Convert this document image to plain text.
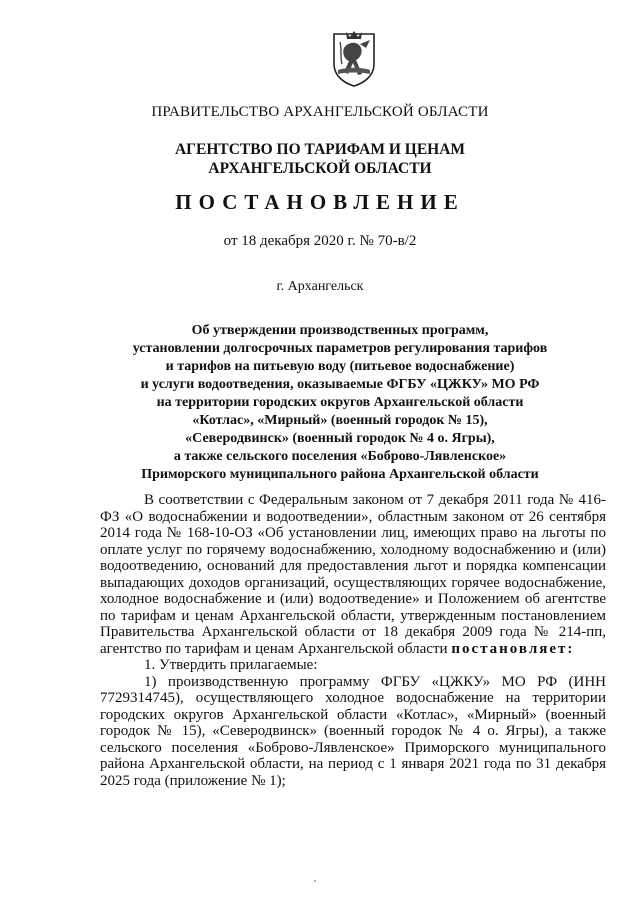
ПРАВИТЕЛЬСТВО АРХАНГЕЛЬСКОЙ ОБЛАСТИ
АГЕНТСТВО ПО ТАРИФАМ И ЦЕНАМ
АРХАНГЕЛЬСКОЙ ОБЛАСТИ
ПОСТАНОВЛЕНИЕ
от 18 декабря 2020 г. № 70-в/2
г. Архангельск
Об утверждении производственных программ,
установлении долгосрочных параметров регулирования тарифов
и тарифов на питьевую воду (питьевое водоснабжение)
и услуги водоотведения, оказываемые ФГБУ «ЦЖКУ» МО РФ
на территории городских округов Архангельской области
«Котлас», «Мирный» (военный городок № 15),
«Северодвинск» (военный городок № 4 о. Ягры),
а также сельского поселения «Боброво-Лявленское»
Приморского муниципального района Архангельской области

В соответствии с Федеральным законом от 7 декабря 2011 года № 416-ФЗ «О водоснабжении и водоотведении», областным законом от 26 сентября 2014 года № 168-10-ОЗ «Об установлении лиц, имеющих право на льготы по оплате услуг по горячему водоснабжению, холодному водоснабжению и (или) водоотведению, оснований для предоставления льгот и порядка компенсации выпадающих доходов организаций, осуществляющих горячее водоснабжение, холодное водоснабжение и (или) водоотведение» и Положением об агентстве по тарифам и ценам Архангельской области, утвержденным постановлением Правительства Архангельской области от 18 декабря 2009 года № 214-пп, агентство по тарифам и ценам Архангельской области постановляет:

1. Утвердить прилагаемые:

1) производственную программу ФГБУ «ЦЖКУ» МО РФ (ИНН 7729314745), осуществляющего холодное водоснабжение на территории городских округов Архангельской области «Котлас», «Мирный» (военный городок № 15), «Северодвинск» (военный городок № 4 о. Ягры), а также сельского поселения «Боброво-Лявленское» Приморского муниципального района Архангельской области, на период с 1 января 2021 года по 31 декабря 2025 года (приложение № 1);
